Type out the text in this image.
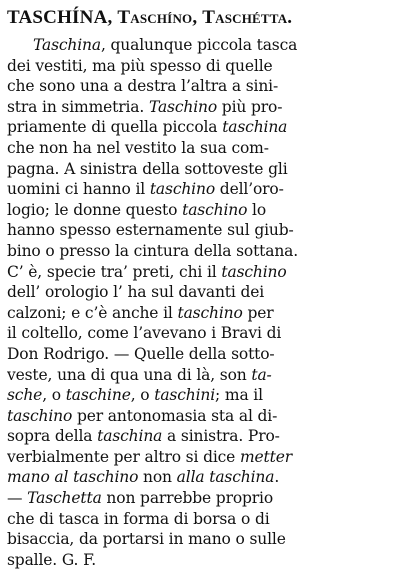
TASCHÍNA, Taschíno, Taschétta.
Taschina, qualunque piccola tasca
dei vestiti, ma più spesso di quelle
che sono una a destra l’altra a sini-
stra in simmetria. Taschino più pro-
priamente di quella piccola taschina
che non ha nel vestito la sua com-
pagna. A sinistra della sottoveste gli
uomini ci hanno il taschino dell’oro-
logio; le donne questo taschino lo
hanno spesso esternamente sul giub-
bino o presso la cintura della sottana.
C’ è, specie tra’ preti, chi il taschino
dell’ orologio l’ ha sul davanti dei
calzoni; e c’è anche il taschino per
il coltello, come l’avevano i Bravi di
Don Rodrigo. — Quelle della sotto-
veste, una di qua una di là, son ta-
sche, o taschine, o taschini; ma il
taschino per antonomasia sta al di-
sopra della taschina a sinistra. Pro-
verbialmente per altro si dice metter
mano al taschino non alla taschina.
— Taschetta non parrebbe proprio
che di tasca in forma di borsa o di
bisaccia, da portarsi in mano o sulle
spalle. G. F.
